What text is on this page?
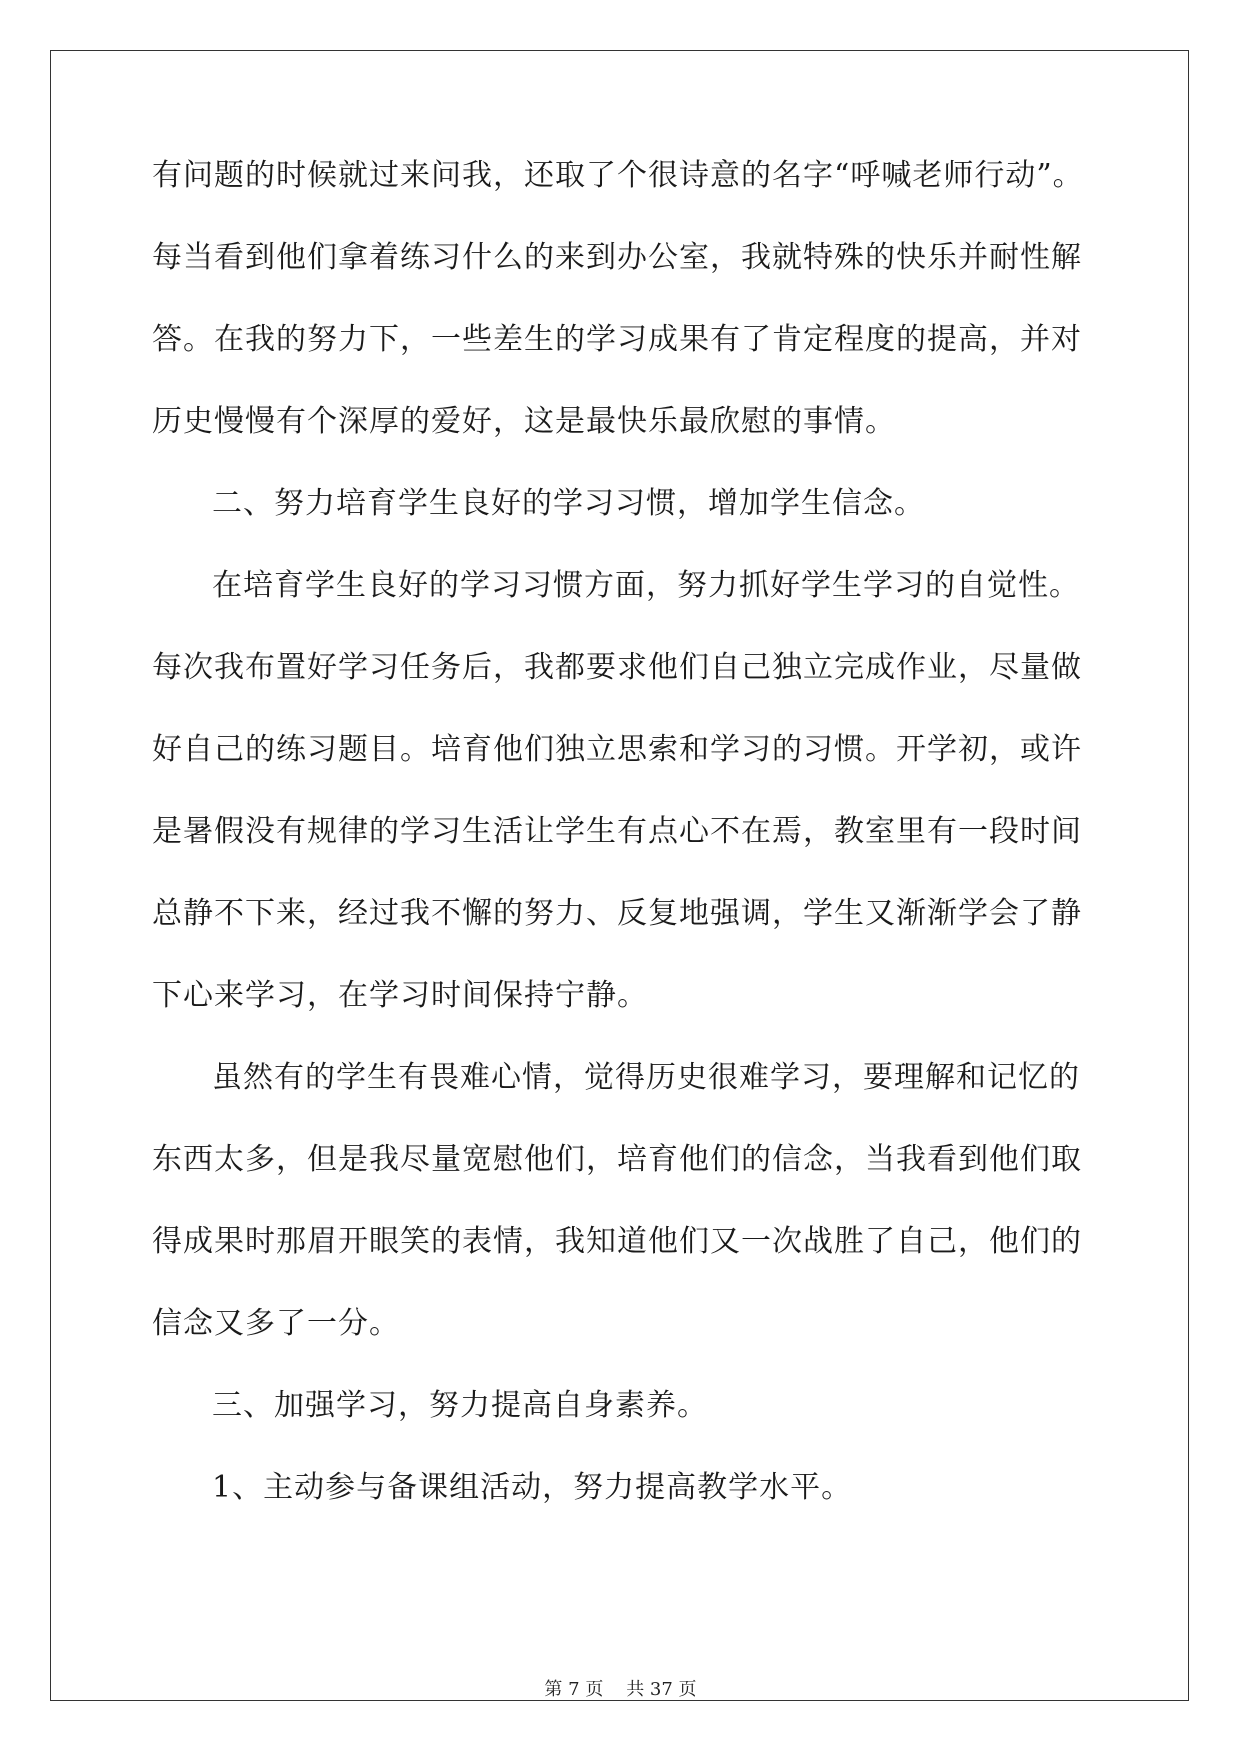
有问题的时候就过来问我，还取了个很诗意的名字“呼喊老师行动”。
每当看到他们拿着练习什么的来到办公室，我就特殊的快乐并耐性解
答。在我的努力下，一些差生的学习成果有了肯定程度的提高，并对
历史慢慢有个深厚的爱好，这是最快乐最欣慰的事情。
二、努力培育学生良好的学习习惯，增加学生信念。
在培育学生良好的学习习惯方面，努力抓好学生学习的自觉性。
每次我布置好学习任务后，我都要求他们自己独立完成作业，尽量做
好自己的练习题目。培育他们独立思索和学习的习惯。开学初，或许
是暑假没有规律的学习生活让学生有点心不在焉，教室里有一段时间
总静不下来，经过我不懈的努力、反复地强调，学生又渐渐学会了静
下心来学习，在学习时间保持宁静。
虽然有的学生有畏难心情，觉得历史很难学习，要理解和记忆的
东西太多，但是我尽量宽慰他们，培育他们的信念，当我看到他们取
得成果时那眉开眼笑的表情，我知道他们又一次战胜了自己，他们的
信念又多了一分。
三、加强学习，努力提高自身素养。
1、主动参与备课组活动，努力提高教学水平。
第 7 页    共 37 页
